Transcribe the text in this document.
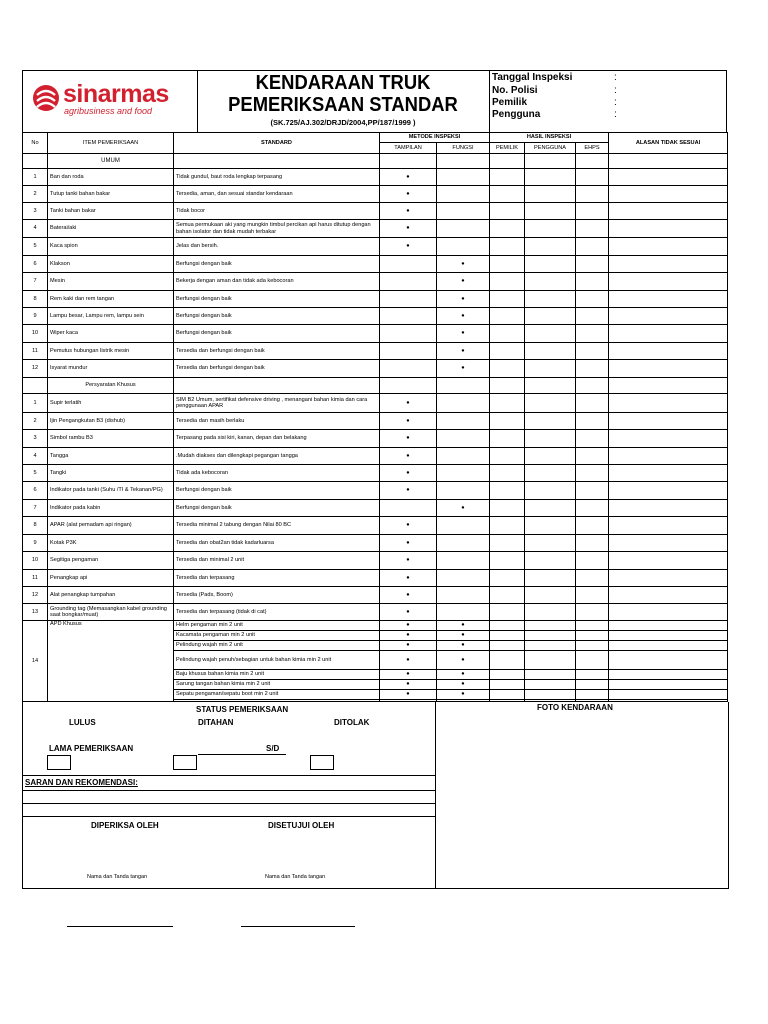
sinarmas
agribusiness and food
KENDARAAN TRUK
PEMERIKSAAN STANDAR
(SK.725/AJ.302/DRJD/2004,PP/187/1999 )
Tanggal Inspeksi	:
No. Polisi	:
Pemilik	:
Pengguna	:
No	ITEM PEMERIKSAAN	STANDARD	METODE INSPEKSI		HASIL INSPEKSI			ALASAN TIDAK SESUAI
			TAMPILAN	FUNGSI	PEMILIK	PENGGUNA	EHPS	
	UMUM							
1	Ban dan roda	Tidak gundul, baut roda lengkap terpasang	●					
2	Tutup tanki bahan bakar	Tersedia, aman, dan sesuai standar kendaraan	●					
3	Tanki bahan bakar	Tidak bocor	●					
4	Baterai/aki	Semua permukaan aki yang mungkin timbul percikan api harus ditutup dengan bahan isolator dan tidak mudah terbakar	●					
5	Kaca spion	Jelas dan bersih.	●					
6	Klakson	Berfungsi dengan baik		●				
7	Mesin	Bekerja dengan aman dan tidak ada kebocoran		●				
8	Rem kaki dan rem tangan	Berfungsi dengan baik		●				
9	Lampu besar, Lampu rem, lampu sein	Berfungsi dengan baik		●				
10	Wiper kaca	Berfungsi dengan baik		●				
11	Pemutus hubungan listrik mesin	Tersedia dan berfungsi dengan baik		●				
12	Isyarat mundur	Tersedia dan berfungsi dengan baik		●				
	Persyaratan Khusus							
1	Supir terlatih	SIM B2 Umum, sertifikat defensive driving , menangani bahan kimia dan cara penggunaan APAR	●					
2	Ijin Pengangkutan B3 (dishub)	Tersedia dan masih berlaku	●					
3	Simbol rambu B3	Terpasang pada sisi kiri, kanan, depan dan belakang	●					
4	Tangga	.Mudah diakses dan dilengkapi pegangan tangga	●					
5	Tangki	Tidak ada kebocoran	●					
6	Indikator pada tanki (Suhu /TI & Tekanan/PG)	Berfungsi dengan baik	●					
7	Indikator pada kabin	Berfungsi dengan baik		●				
8	APAR (alat pemadam api ringan)	Tersedia minimal 2 tabung dengan Nilai 80 BC	●					
9	Kotak P3K	Tersedia dan obat2an tidak kadarluarsa	●					
10	Segitiga pengaman	Tersedia dan minimal 2 unit	●					
11	Penangkap api	Tersedia dan terpasang	●					
12	Alat penangkap tumpahan	Tersedia (Pads, Boom)	●					
13	Grounding tag (Memasangkan kabel grounding saat bongkar/muat)	Tersedia dan terpasang (tidak di cat)	●					
14	APD Khusus	Helm pengaman min 2 unit	●	●				
		Kacamata pengaman min 2 unit	●	●				
		Pelindung wajah min 2 unit	●	●				
		Pelindung wajah penuh/sebagian untuk bahan kimia min 2 unit	●	●				
		Baju khusus bahan kimia min 2 unit	●	●				
		Sarung tangan bahan kimia min 2 unit	●	●				
		Sepatu pengaman/sepatu boot min 2 unit	●	●				

STATUS PEMERIKSAAN
LULUS	DITAHAN	DITOLAK
LAMA PEMERIKSAAN	S/D
SARAN DAN REKOMENDASI:
DIPERIKSA OLEH	DISETUJUI OLEH
Nama dan Tanda tangan	Nama dan Tanda tangan
FOTO KENDARAAN
